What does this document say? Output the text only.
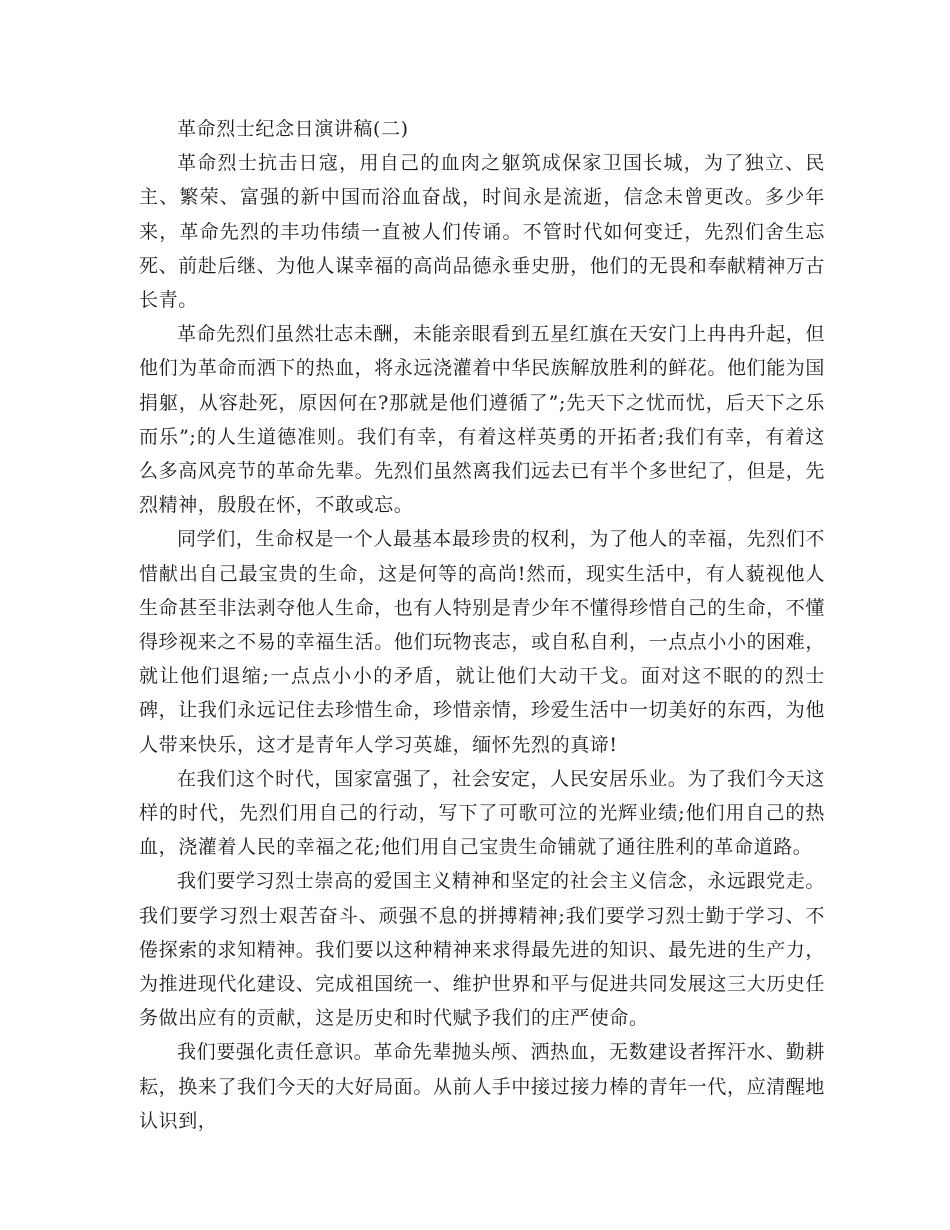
革命烈士纪念日演讲稿(二)

革命烈士抗击日寇，用自己的血肉之躯筑成保家卫国长城，为了独立、民主、繁荣、富强的新中国而浴血奋战，时间永是流逝，信念未曾更改。多少年来，革命先烈的丰功伟绩一直被人们传诵。不管时代如何变迁，先烈们舍生忘死、前赴后继、为他人谋幸福的高尚品德永垂史册，他们的无畏和奉献精神万古长青。

革命先烈们虽然壮志未酬，未能亲眼看到五星红旗在天安门上冉冉升起，但他们为革命而洒下的热血，将永远浇灌着中华民族解放胜利的鲜花。他们能为国捐躯，从容赴死，原因何在?那就是他们遵循了”;先天下之忧而忧，后天下之乐而乐”;的人生道德准则。我们有幸，有着这样英勇的开拓者;我们有幸，有着这么多高风亮节的革命先辈。先烈们虽然离我们远去已有半个多世纪了，但是，先烈精神，殷殷在怀，不敢或忘。

同学们，生命权是一个人最基本最珍贵的权利，为了他人的幸福，先烈们不惜献出自己最宝贵的生命，这是何等的高尚!然而，现实生活中，有人藐视他人生命甚至非法剥夺他人生命，也有人特别是青少年不懂得珍惜自己的生命，不懂得珍视来之不易的幸福生活。他们玩物丧志，或自私自利，一点点小小的困难，就让他们退缩;一点点小小的矛盾，就让他们大动干戈。面对这不眠的的烈士碑，让我们永远记住去珍惜生命，珍惜亲情，珍爱生活中一切美好的东西，为他人带来快乐，这才是青年人学习英雄，缅怀先烈的真谛!

在我们这个时代，国家富强了，社会安定，人民安居乐业。为了我们今天这样的时代，先烈们用自己的行动，写下了可歌可泣的光辉业绩;他们用自己的热血，浇灌着人民的幸福之花;他们用自己宝贵生命铺就了通往胜利的革命道路。

我们要学习烈士崇高的爱国主义精神和坚定的社会主义信念，永远跟党走。我们要学习烈士艰苦奋斗、顽强不息的拼搏精神;我们要学习烈士勤于学习、不倦探索的求知精神。我们要以这种精神来求得最先进的知识、最先进的生产力，为推进现代化建设、完成祖国统一、维护世界和平与促进共同发展这三大历史任务做出应有的贡献，这是历史和时代赋予我们的庄严使命。

我们要强化责任意识。革命先辈抛头颅、洒热血，无数建设者挥汗水、勤耕耘，换来了我们今天的大好局面。从前人手中接过接力棒的青年一代，应清醒地认识到，
